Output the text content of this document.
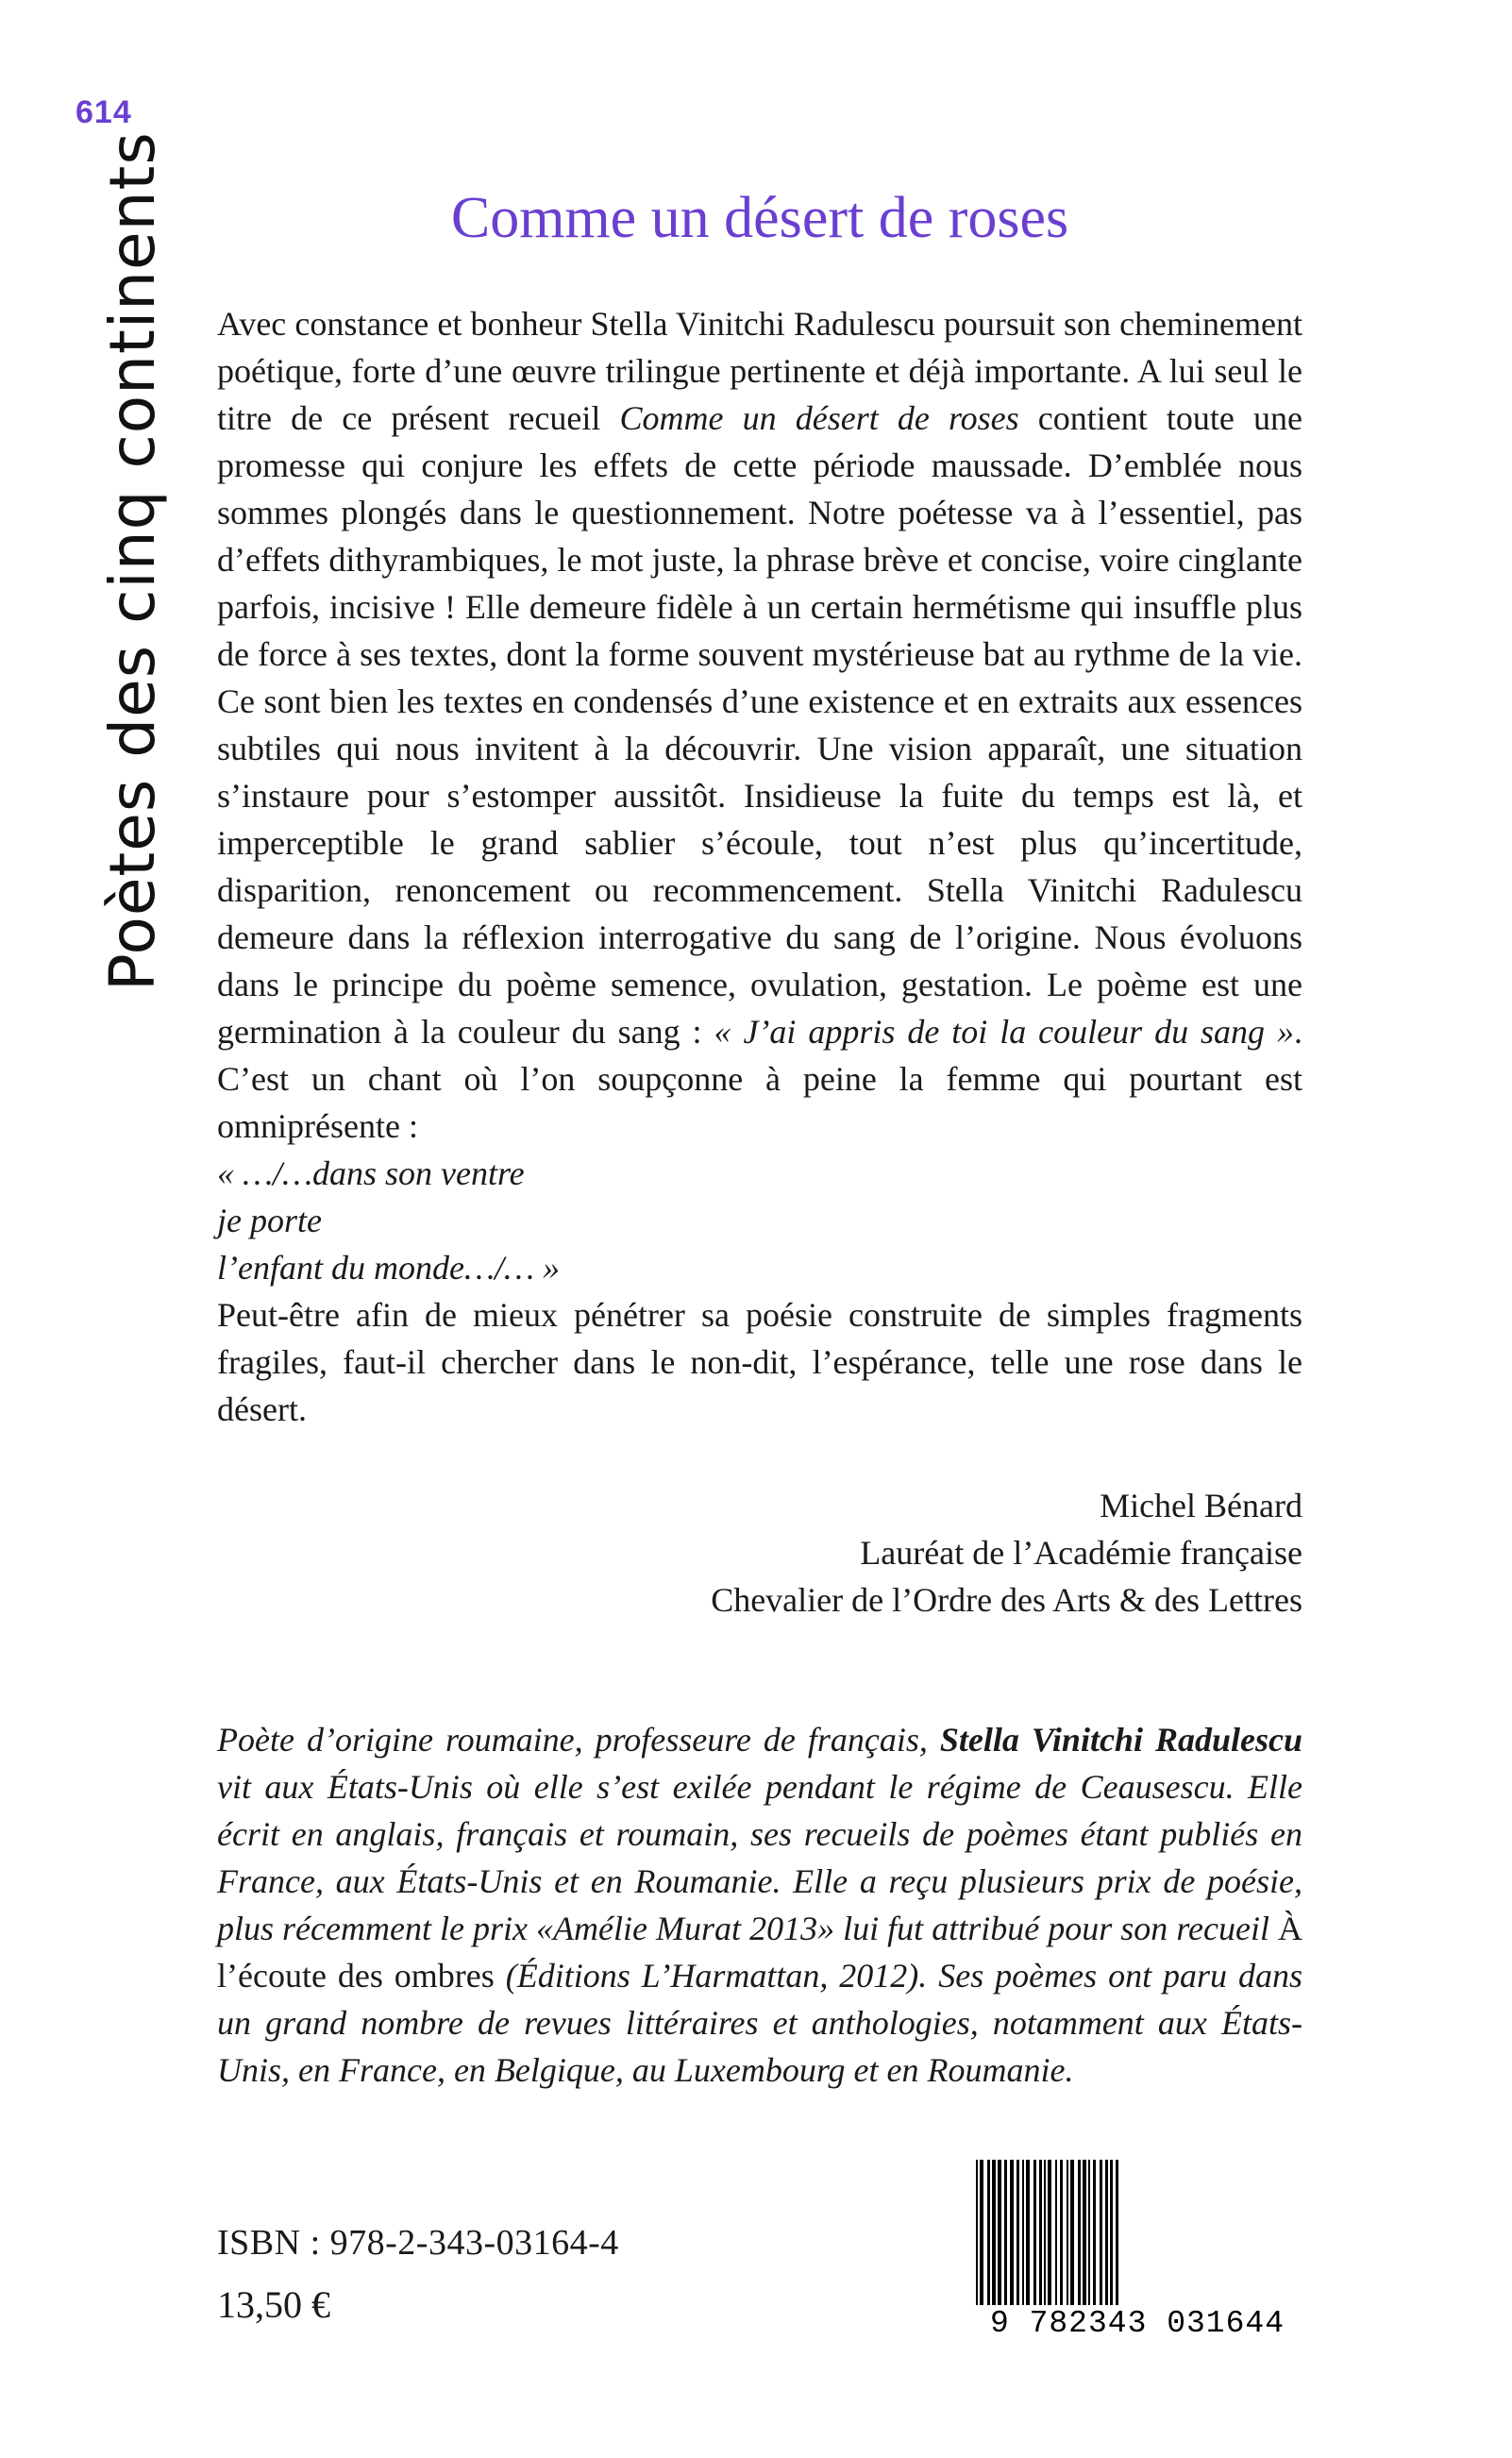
614
Poètes des cinq continents	Comme un désert de roses

Avec constance et bonheur Stella Vinitchi Radulescu poursuit son cheminement poétique, forte d’une œuvre trilingue pertinente et déjà importante. A lui seul le titre de ce présent recueil Comme un désert de roses contient toute une promesse qui conjure les effets de cette période maussade. D’emblée nous sommes plongés dans le questionnement. Notre poétesse va à l’essentiel, pas d’effets dithyrambiques, le mot juste, la phrase brève et concise, voire cinglante parfois, incisive ! Elle demeure fidèle à un certain hermétisme qui insuffle plus de force à ses textes, dont la forme souvent mystérieuse bat au rythme de la vie. Ce sont bien les textes en condensés d’une existence et en extraits aux essences subtiles qui nous invitent à la découvrir. Une vision apparaît, une situation s’instaure pour s’estomper aussitôt. Insidieuse la fuite du temps est là, et imperceptible le grand sablier s’écoule, tout n’est plus qu’incertitude, disparition, renoncement ou recommencement. Stella Vinitchi Radulescu demeure dans la réflexion interrogative du sang de l’origine. Nous évoluons dans le principe du poème semence, ovulation, gestation. Le poème est une germination à la couleur du sang : « J’ai appris de toi la couleur du sang ». C’est un chant où l’on soupçonne à peine la femme qui pourtant est omniprésente :

« …/…dans son ventre
je porte
l’enfant du monde…/… »

Peut-être afin de mieux pénétrer sa poésie construite de simples fragments fragiles, faut-il chercher dans le non-dit, l’espérance, telle une rose dans le désert.

Michel Bénard
Lauréat de l’Académie française
Chevalier de l’Ordre des Arts & des Lettres
Poète d’origine roumaine, professeure de français, Stella Vinitchi Radulescu vit aux États-Unis où elle s’est exilée pendant le régime de Ceausescu. Elle écrit en anglais, français et roumain, ses recueils de poèmes étant publiés en France, aux États-Unis et en Roumanie. Elle a reçu plusieurs prix de poésie, plus récemment le prix «Amélie Murat 2013» lui fut attribué pour son recueil À l’écoute des ombres (Éditions L’Harmattan, 2012). Ses poèmes ont paru dans un grand nombre de revues littéraires et anthologies, notamment aux États-Unis, en France, en Belgique, au Luxembourg et en Roumanie.
ISBN : 978-2-343-03164-4
13,50 €	9 782343 031644
